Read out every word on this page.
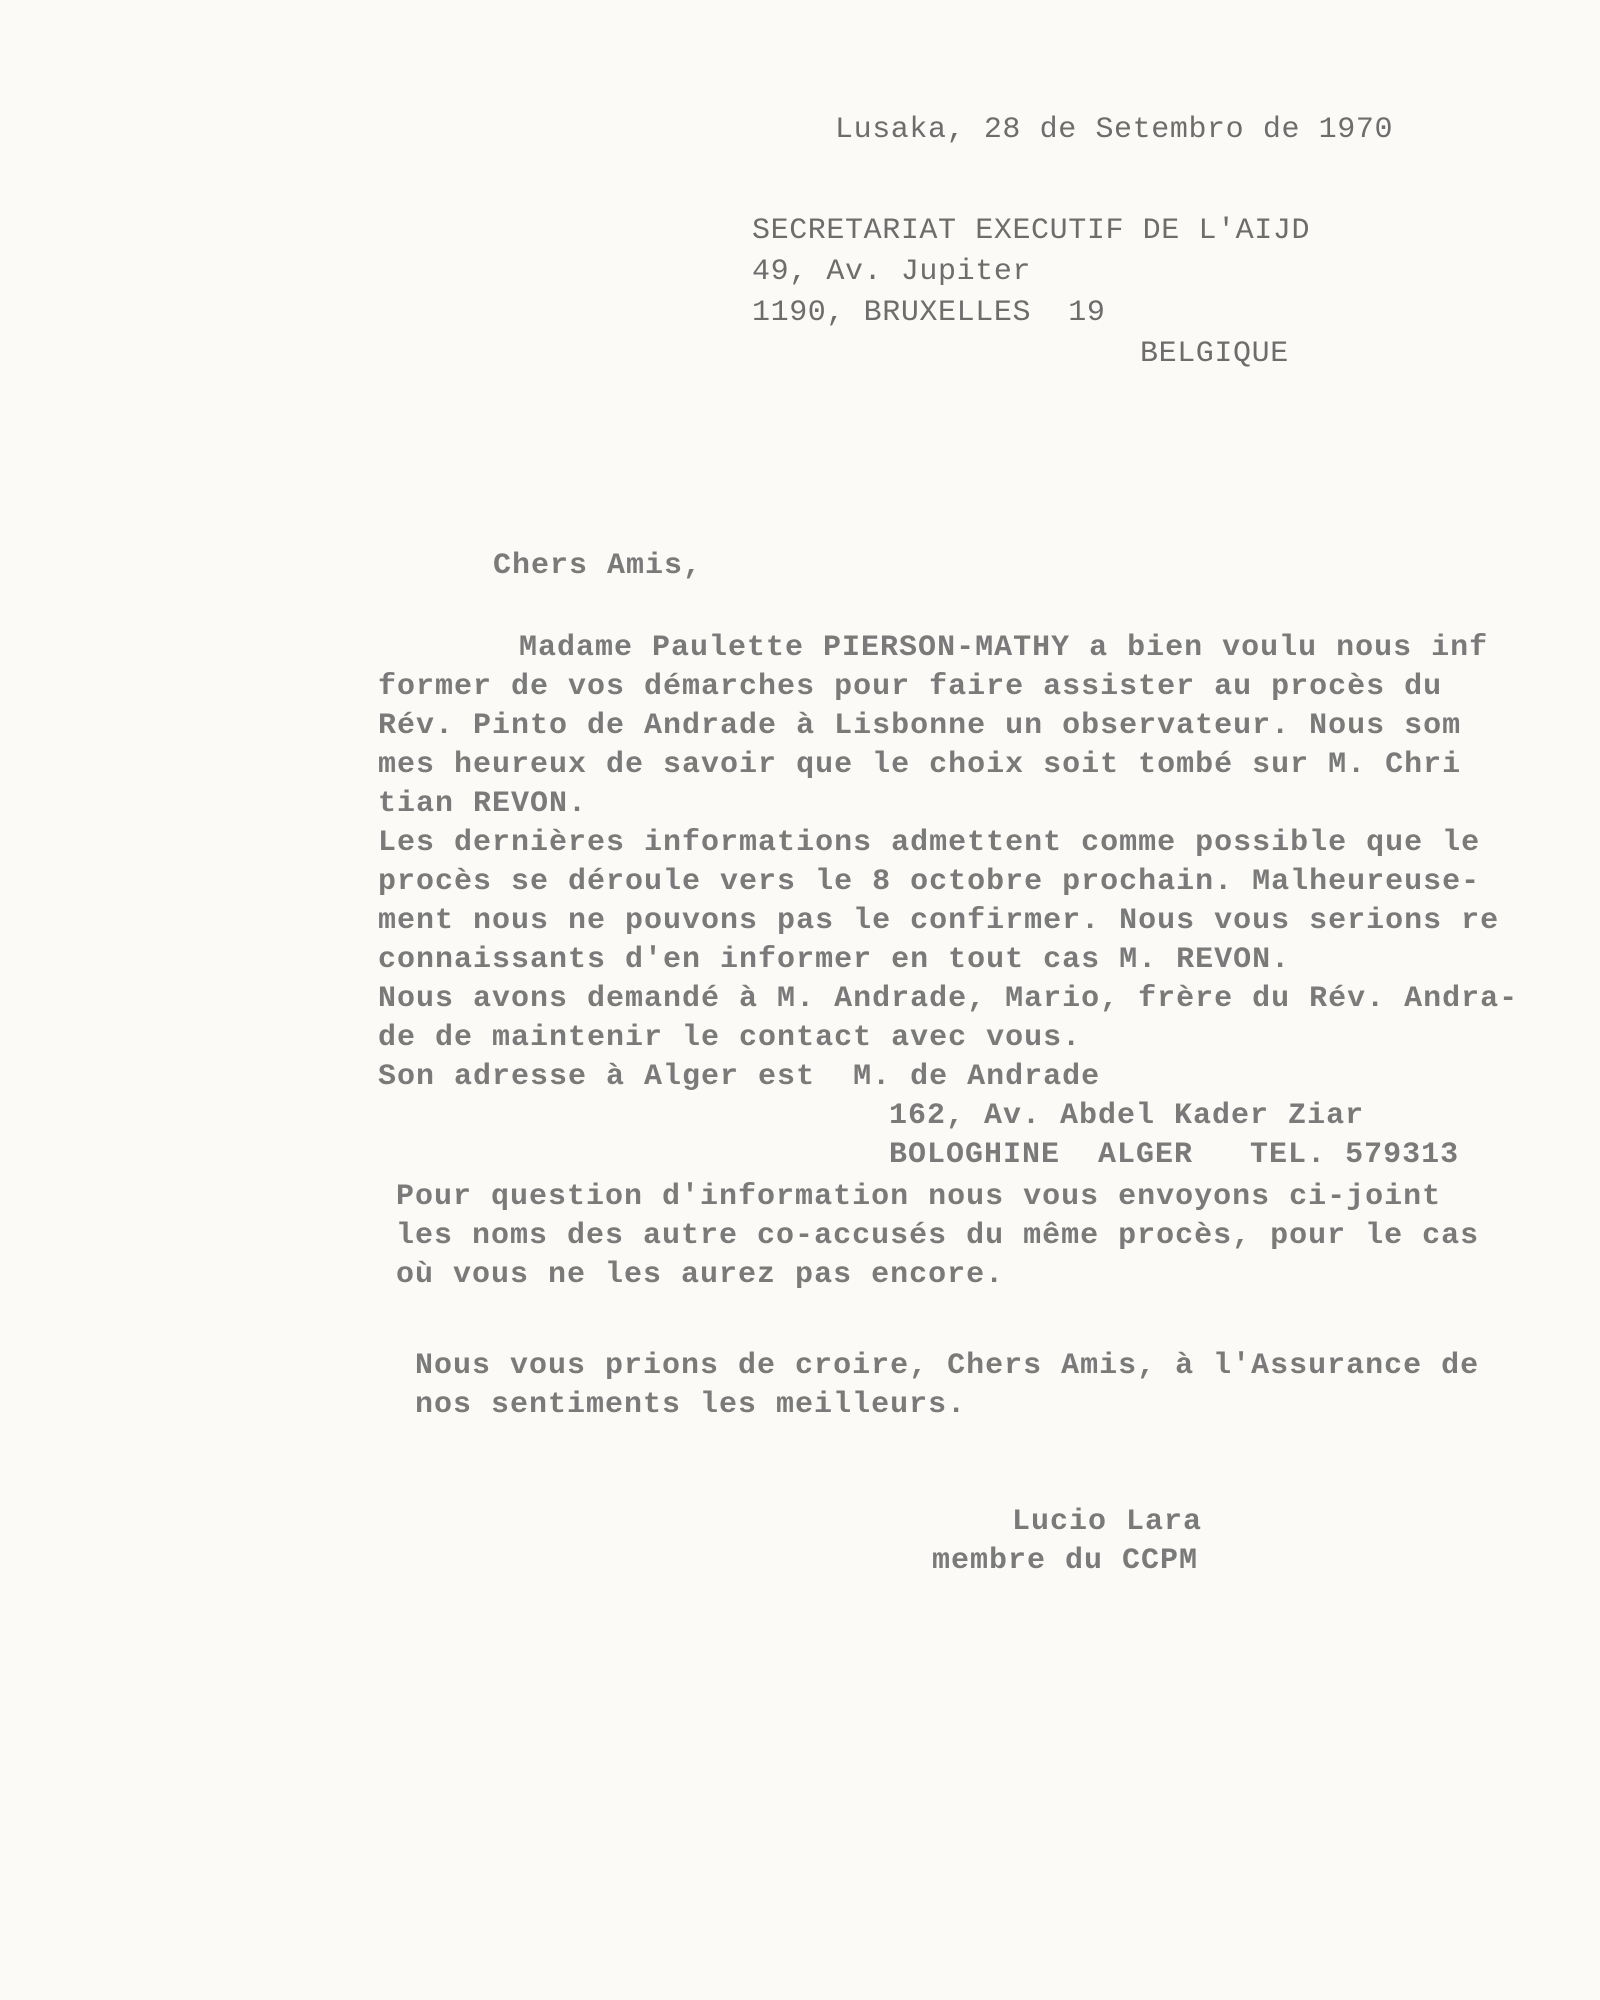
Lusaka, 28 de Setembro de 1970
SECRETARIAT EXECUTIF DE L'AIJD
49, Av. Jupiter
1190, BRUXELLES  19
BELGIQUE
Chers Amis,
Madame Paulette PIERSON-MATHY a bien voulu nous inf
former de vos démarches pour faire assister au procès du
Rév. Pinto de Andrade à Lisbonne un observateur. Nous som
mes heureux de savoir que le choix soit tombé sur M. Chri
tian REVON.
Les dernières informations admettent comme possible que le
procès se déroule vers le 8 octobre prochain. Malheureuse-
ment nous ne pouvons pas le confirmer. Nous vous serions re
connaissants d'en informer en tout cas M. REVON.
Nous avons demandé à M. Andrade, Mario, frère du Rév. Andra-
de de maintenir le contact avec vous.
Son adresse à Alger est  M. de Andrade
162, Av. Abdel Kader Ziar
BOLOGHINE  ALGER   TEL. 579313
Pour question d'information nous vous envoyons ci-joint
les noms des autre co-accusés du même procès, pour le cas
où vous ne les aurez pas encore.
Nous vous prions de croire, Chers Amis, à l'Assurance de
nos sentiments les meilleurs.
Lucio Lara
membre du CCPM
